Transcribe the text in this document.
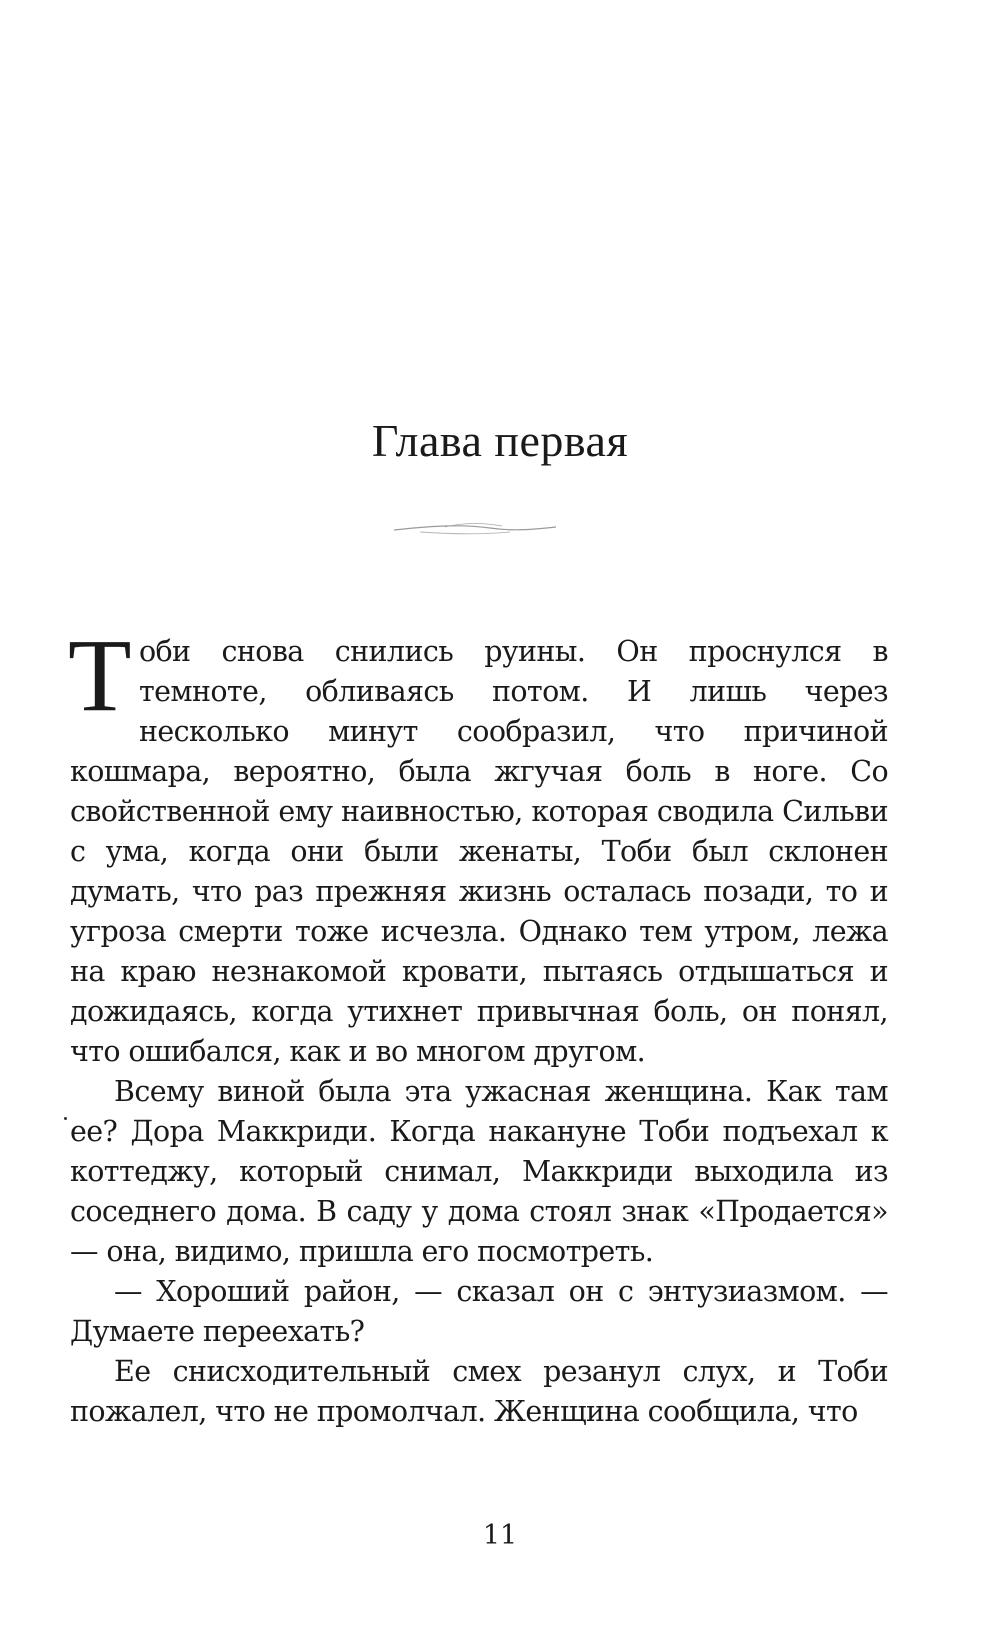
Глава первая

Тоби снова снились руины. Он проснулся в темноте, обливаясь потом. И лишь через несколько минут сообразил, что причиной кошмара, вероятно, была жгучая боль в ноге. Со свойственной ему наивностью, которая сводила Сильви с ума, когда они были женаты, Тоби был склонен думать, что раз прежняя жизнь осталась позади, то и угроза смерти тоже исчезла. Однако тем утром, лежа на краю незнакомой кровати, пытаясь отдышаться и дожидаясь, когда утихнет привычная боль, он понял, что ошибался, как и во многом другом.

Всему виной была эта ужасная женщина. Как там ее? Дора Маккриди. Когда накануне Тоби подъехал к коттеджу, который снимал, Маккриди выходила из соседнего дома. В саду у дома стоял знак «Продается» — она, видимо, пришла его посмотреть.

— Хороший район, — сказал он с энтузиазмом. — Думаете переехать?

Ее снисходительный смех резанул слух, и Тоби пожалел, что не промолчал. Женщина сообщила, что

11
